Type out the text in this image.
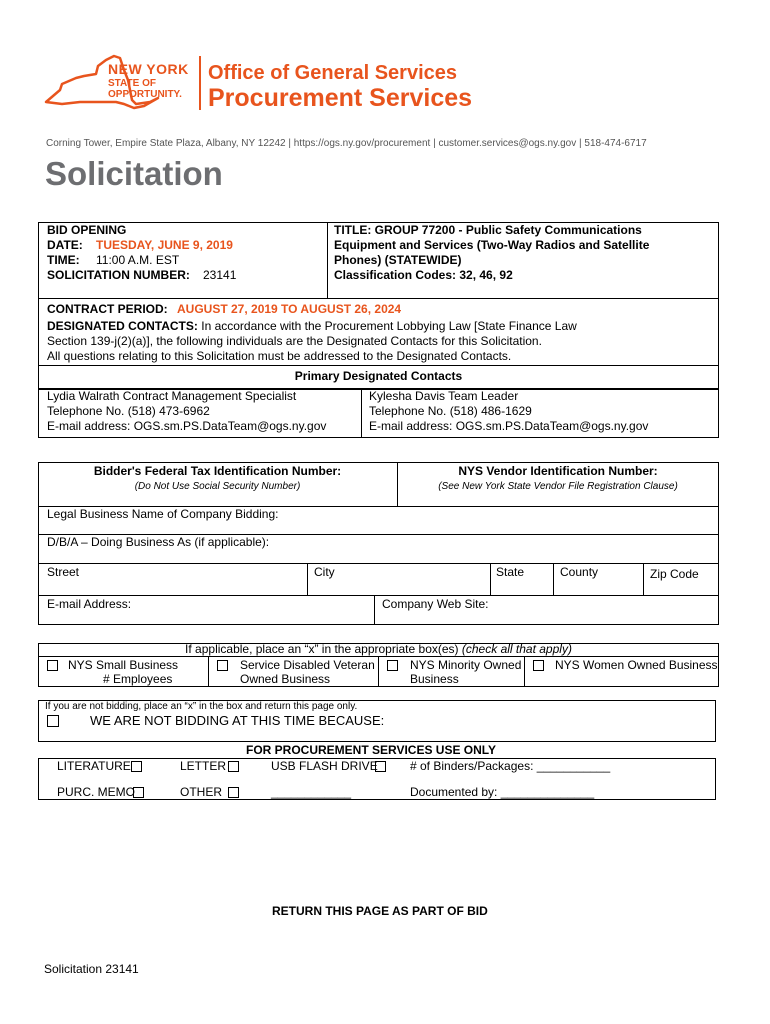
NEW YORK
STATE OF
OPPORTUNITY.
Office of General Services
Procurement Services
Corning Tower, Empire State Plaza, Albany, NY 12242 | https://ogs.ny.gov/procurement | customer.services@ogs.ny.gov | 518-474-6717
Solicitation
BID OPENING
DATE: TUESDAY, JUNE 9, 2019
TIME: 11:00 A.M. EST
SOLICITATION NUMBER: 23141
TITLE: GROUP 77200 - Public Safety Communications
Equipment and Services (Two-Way Radios and Satellite
Phones) (STATEWIDE)
Classification Codes: 32, 46, 92
CONTRACT PERIOD: AUGUST 27, 2019 TO AUGUST 26, 2024
DESIGNATED CONTACTS: In accordance with the Procurement Lobbying Law [State Finance Law
Section 139-j(2)(a)], the following individuals are the Designated Contacts for this Solicitation.
All questions relating to this Solicitation must be addressed to the Designated Contacts.
Primary Designated Contacts
Lydia Walrath Contract Management Specialist
Telephone No. (518) 473-6962
E-mail address: OGS.sm.PS.DataTeam@ogs.ny.gov
Kylesha Davis Team Leader
Telephone No. (518) 486-1629
E-mail address: OGS.sm.PS.DataTeam@ogs.ny.gov
Bidder's Federal Tax Identification Number:
(Do Not Use Social Security Number)
NYS Vendor Identification Number:
(See New York State Vendor File Registration Clause)
Legal Business Name of Company Bidding:
D/B/A – Doing Business As (if applicable):
Street	City	State	County	Zip Code
E-mail Address:	Company Web Site:
If applicable, place an “x” in the appropriate box(es) (check all that apply)
NYS Small Business
# Employees
Service Disabled Veteran
Owned Business
NYS Minority Owned
Business
NYS Women Owned Business
If you are not bidding, place an “x” in the box and return this page only.
WE ARE NOT BIDDING AT THIS TIME BECAUSE:
FOR PROCUREMENT SERVICES USE ONLY
LITERATURE	LETTER	USB FLASH DRIVE	# of Binders/Packages: ___________
PURC. MEMO	OTHER	____________	Documented by: ______________
RETURN THIS PAGE AS PART OF BID
Solicitation 23141
